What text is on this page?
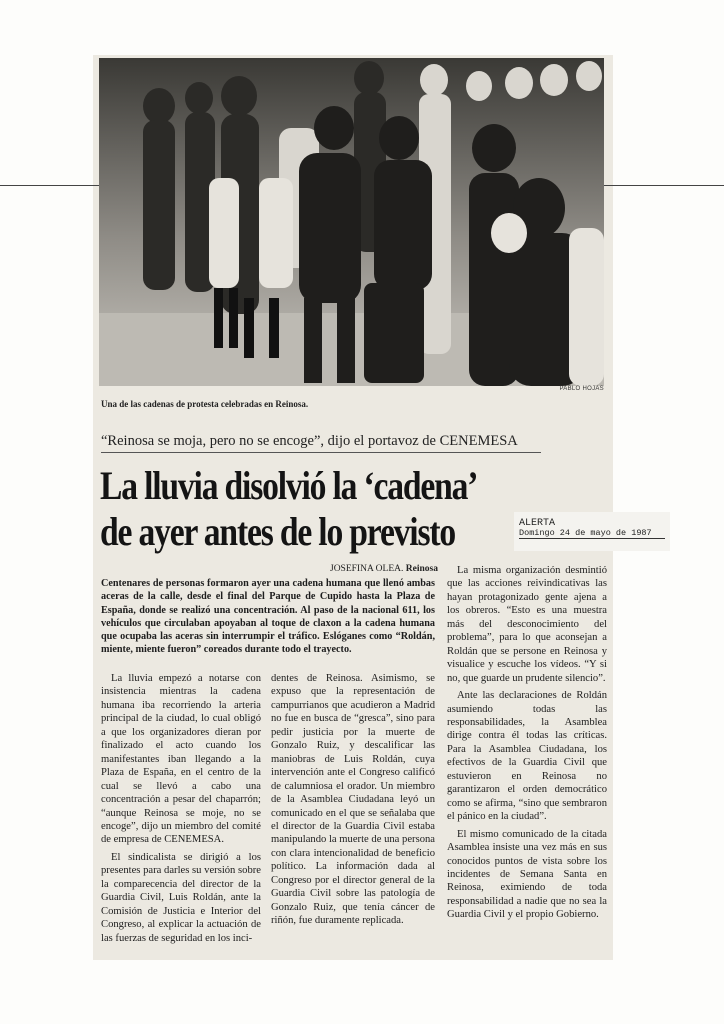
PABLO HOJAS
Una de las cadenas de protesta celebradas en Reinosa.
“Reinosa se moja, pero no se encoge”, dijo el portavoz de CENEMESA
La lluvia disolvió la ‘cadena’
de ayer antes de lo previsto	ALERTA
Domingo 24 de mayo de 1987
JOSEFINA OLEA. Reinosa
Centenares de personas formaron ayer una cadena humana que llenó ambas aceras de la calle, desde el final del Parque de Cupido hasta la Plaza de España, donde se realizó una concentración. Al paso de la nacional 611, los vehículos que circulaban apoyaban al toque de claxon a la cadena humana que ocupaba las aceras sin interrumpir el tráfico. Eslóganes como “Roldán, miente, miente fueron” coreados durante todo el trayecto.

La lluvia empezó a notarse con insistencia mientras la cadena humana iba recorriendo la arteria principal de la ciudad, lo cual obligó a que los organizadores dieran por finalizado el acto cuando los manifestantes iban llegando a la Plaza de España, en el centro de la cual se llevó a cabo una concentración a pesar del chaparrón; “aunque Reinosa se moje, no se encoge”, dijo un miembro del comité de empresa de CENEMESA.

El sindicalista se dirigió a los presentes para darles su versión sobre la comparecencia del director de la Guardia Civil, Luis Roldán, ante la Comisión de Justicia e Interior del Congreso, al explicar la actuación de las fuerzas de seguridad en los inci-

dentes de Reinosa. Asimismo, se expuso que la representación de campurrianos que acudieron a Madrid no fue en busca de “gresca”, sino para pedir justicia por la muerte de Gonzalo Ruiz, y descalificar las maniobras de Luis Roldán, cuya intervención ante el Congreso calificó de calumniosa el orador. Un miembro de la Asamblea Ciudadana leyó un comunicado en el que se señalaba que el director de la Guardia Civil estaba manipulando la muerte de una persona con clara intencionalidad de beneficio político. La información dada al Congreso por el director general de la Guardia Civil sobre las patología de Gonzalo Ruiz, que tenía cáncer de riñón, fue duramente replicada.

La misma organización desmintió que las acciones reivindicativas las hayan protagonizado gente ajena a los obreros. “Esto es una muestra más del desconocimiento del problema”, para lo que aconsejan a Roldán que se persone en Reinosa y visualice y escuche los vídeos. “Y si no, que guarde un prudente silencio”.

Ante las declaraciones de Roldán asumiendo todas las responsabilidades, la Asamblea dirige contra él todas las críticas. Para la Asamblea Ciudadana, los efectivos de la Guardia Civil que estuvieron en Reinosa no garantizaron el orden democrático como se afirma, “sino que sembraron el pánico en la ciudad”.

El mismo comunicado de la citada Asamblea insiste una vez más en sus conocidos puntos de vista sobre los incidentes de Semana Santa en Reinosa, eximiendo de toda responsabilidad a nadie que no sea la Guardia Civil y el propio Gobierno.
